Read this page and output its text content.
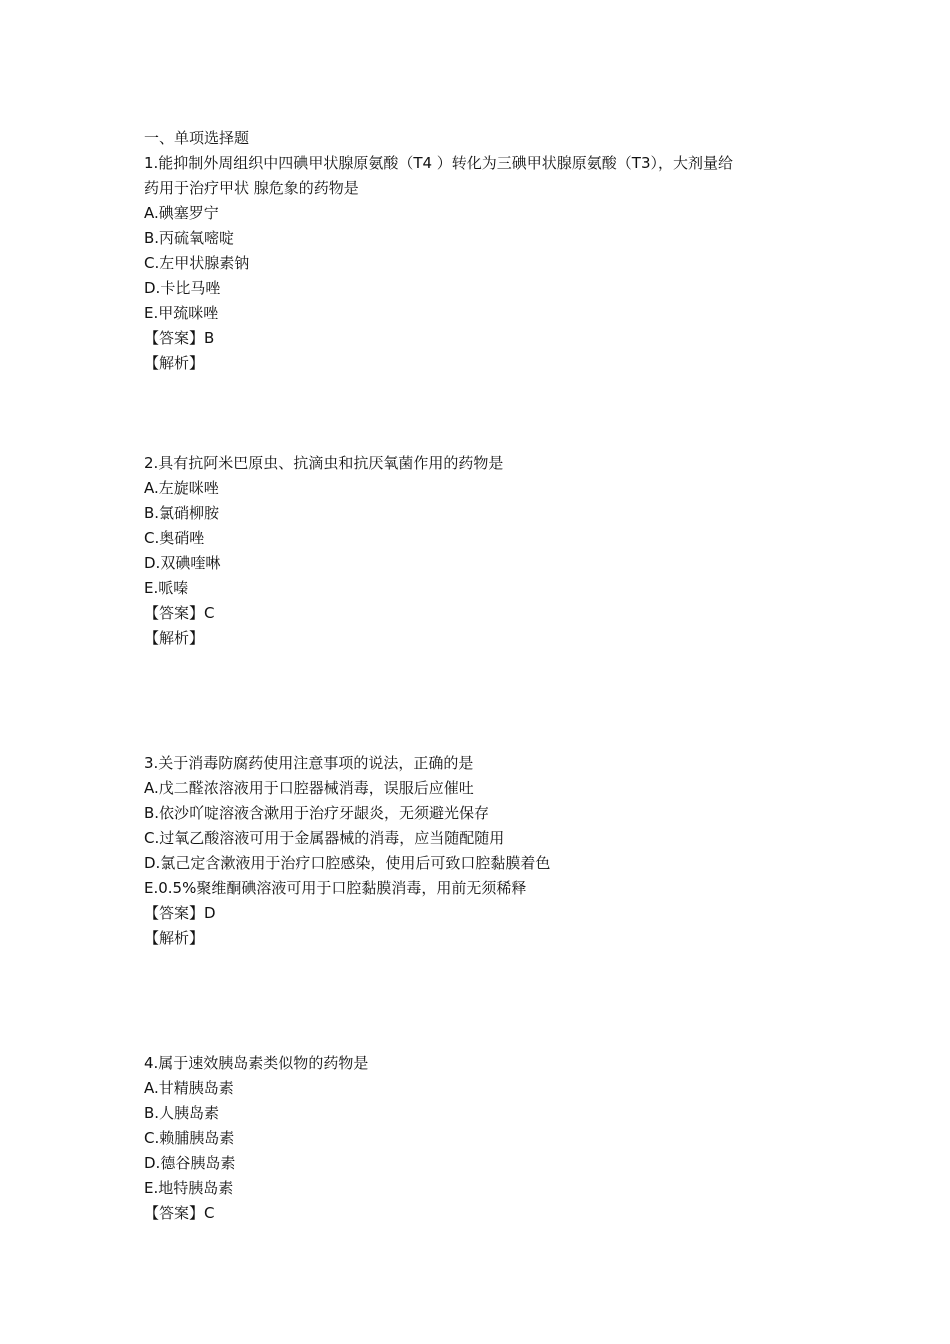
一、单项选择题
1.能抑制外周组织中四碘甲状腺原氨酸（T4 ）转化为三碘甲状腺原氨酸（T3），大剂量给
药用于治疗甲状 腺危象的药物是
A.碘塞罗宁
B.丙硫氧嘧啶
C.左甲状腺素钠
D.卡比马唑
E.甲巯咪唑
【答案】B
【解析】
2.具有抗阿米巴原虫、抗滴虫和抗厌氧菌作用的药物是
A.左旋咪唑
B.氯硝柳胺
C.奥硝唑
D.双碘喹啉
E.哌嗪
【答案】C
【解析】
3.关于消毒防腐药使用注意事项的说法，正确的是
A.戊二醛浓溶液用于口腔器械消毒，误服后应催吐
B.依沙吖啶溶液含漱用于治疗牙龈炎，无须避光保存
C.过氧乙酸溶液可用于金属器械的消毒，应当随配随用
D.氯己定含漱液用于治疗口腔感染，使用后可致口腔黏膜着色
E.0.5%聚维酮碘溶液可用于口腔黏膜消毒，用前无须稀释
【答案】D
【解析】
4.属于速效胰岛素类似物的药物是
A.甘精胰岛素
B.人胰岛素
C.赖脯胰岛素
D.德谷胰岛素
E.地特胰岛素
【答案】C
